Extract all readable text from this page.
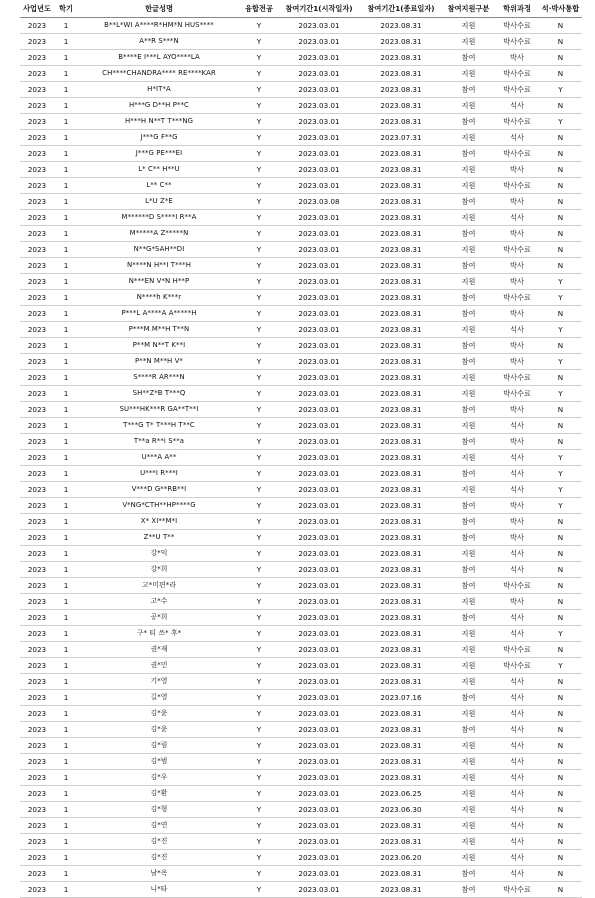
사업년도	학기	한글성명	융합전공	참여기간1(시작일자)	참여기간1(종료일자)	참여지원구분	학위과정	석·박사통합
2023	1	B**L*WI A****R*HM*N HUS****	Y	2023.03.01	2023.08.31	지원	박사수료	N
2023	1	A**R S***N	Y	2023.03.01	2023.08.31	지원	박사수료	N
2023	1	B****E I***L AYO****LA	Y	2023.03.01	2023.08.31	참여	박사	N
2023	1	CH****CHANDRA**** RE****KAR	Y	2023.03.01	2023.08.31	지원	박사수료	N
2023	1	H*IT*A	Y	2023.03.01	2023.08.31	참여	박사수료	Y
2023	1	H***G D**H P**C	Y	2023.03.01	2023.08.31	지원	석사	N
2023	1	H***H N**T T***NG	Y	2023.03.01	2023.08.31	참여	박사수료	Y
2023	1	J***G F**G	Y	2023.03.01	2023.07.31	지원	석사	N
2023	1	J***G PE***EI	Y	2023.03.01	2023.08.31	참여	박사수료	N
2023	1	L* C** H**U	Y	2023.03.01	2023.08.31	지원	박사	N
2023	1	L** C**	Y	2023.03.01	2023.08.31	지원	박사수료	N
2023	1	L*U Z*E	Y	2023.03.08	2023.08.31	참여	박사	N
2023	1	M******D S****I R**A	Y	2023.03.01	2023.08.31	지원	석사	N
2023	1	M*****A Z*****N	Y	2023.03.01	2023.08.31	참여	박사	N
2023	1	N**G*SAH**DI	Y	2023.03.01	2023.08.31	지원	박사수료	N
2023	1	N****N H**I T***H	Y	2023.03.01	2023.08.31	참여	박사	N
2023	1	N***EN V*N H**P	Y	2023.03.01	2023.08.31	지원	박사	Y
2023	1	N****h K***r	Y	2023.03.01	2023.08.31	참여	박사수료	Y
2023	1	P***L A****A A*****H	Y	2023.03.01	2023.08.31	참여	박사	N
2023	1	P***M M**H T**N	Y	2023.03.01	2023.08.31	지원	석사	Y
2023	1	P**M N**T K**I	Y	2023.03.01	2023.08.31	참여	박사	N
2023	1	P**N M**H V*	Y	2023.03.01	2023.08.31	참여	박사	Y
2023	1	S****R AR***N	Y	2023.03.01	2023.08.31	지원	박사수료	N
2023	1	SH**Z*B T***Q	Y	2023.03.01	2023.08.31	지원	박사수료	Y
2023	1	SU***HK***R GA**T**I	Y	2023.03.01	2023.08.31	참여	박사	N
2023	1	T***G T* T***H T**C	Y	2023.03.01	2023.08.31	지원	석사	N
2023	1	T**a R**i S**a	Y	2023.03.01	2023.08.31	참여	박사	N
2023	1	U***A A**	Y	2023.03.01	2023.08.31	지원	석사	Y
2023	1	U***I R***I	Y	2023.03.01	2023.08.31	참여	석사	Y
2023	1	V***D G**RB**I	Y	2023.03.01	2023.08.31	지원	석사	Y
2023	1	V*NG*CTH**HP****G	Y	2023.03.01	2023.08.31	참여	박사	Y
2023	1	X* XI**M*I	Y	2023.03.01	2023.08.31	참여	박사	N
2023	1	Z**U T**	Y	2023.03.01	2023.08.31	참여	박사	N
2023	1	강*익	Y	2023.03.01	2023.08.31	지원	석사	N
2023	1	강*희	Y	2023.03.01	2023.08.31	참여	석사	N
2023	1	고*미편*라	Y	2023.03.01	2023.08.31	참여	박사수료	N
2023	1	고*수	Y	2023.03.01	2023.08.31	지원	박사	N
2023	1	공*희	Y	2023.03.01	2023.08.31	참여	석사	N
2023	1	구* 티 쓰* 후*	Y	2023.03.01	2023.08.31	지원	석사	Y
2023	1	권*재	Y	2023.03.01	2023.08.31	지원	박사수료	N
2023	1	권*민	Y	2023.03.01	2023.08.31	지원	박사수료	Y
2023	1	기*영	Y	2023.03.01	2023.08.31	지원	석사	N
2023	1	길*영	Y	2023.03.01	2023.07.16	참여	석사	N
2023	1	김*윤	Y	2023.03.01	2023.08.31	지원	석사	N
2023	1	김*윤	Y	2023.03.01	2023.08.31	참여	석사	N
2023	1	김*림	Y	2023.03.01	2023.08.31	지원	석사	N
2023	1	김*범	Y	2023.03.01	2023.08.31	지원	석사	N
2023	1	김*우	Y	2023.03.01	2023.08.31	지원	석사	N
2023	1	김*환	Y	2023.03.01	2023.06.25	지원	석사	N
2023	1	김*형	Y	2023.03.01	2023.06.30	지원	석사	N
2023	1	김*연	Y	2023.03.01	2023.08.31	지원	석사	N
2023	1	김*진	Y	2023.03.01	2023.08.31	지원	석사	N
2023	1	김*진	Y	2023.03.01	2023.06.20	지원	석사	N
2023	1	남*옥	Y	2023.03.01	2023.08.31	참여	석사	N
2023	1	니*타	Y	2023.03.01	2023.08.31	참여	박사수료	N
